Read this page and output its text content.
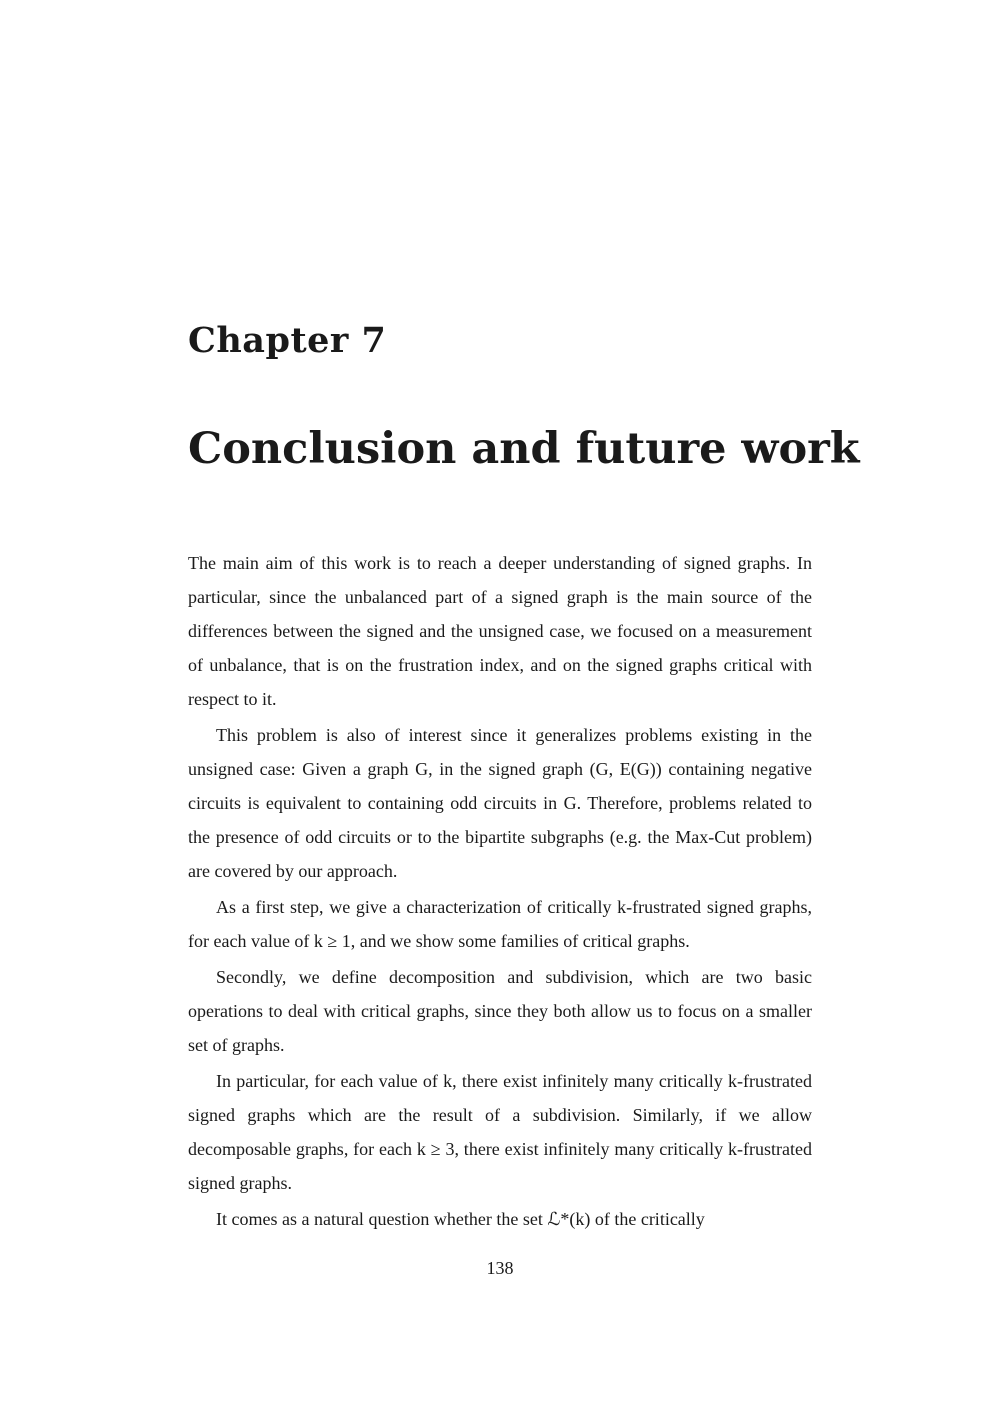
Chapter 7
Conclusion and future work

The main aim of this work is to reach a deeper understanding of signed graphs. In particular, since the unbalanced part of a signed graph is the main source of the differences between the signed and the unsigned case, we focused on a measurement of unbalance, that is on the frustration index, and on the signed graphs critical with respect to it.

This problem is also of interest since it generalizes problems existing in the unsigned case: Given a graph G, in the signed graph (G, E(G)) containing negative circuits is equivalent to containing odd circuits in G. Therefore, problems related to the presence of odd circuits or to the bipartite subgraphs (e.g. the Max-Cut problem) are covered by our approach.

As a first step, we give a characterization of critically k-frustrated signed graphs, for each value of k ≥ 1, and we show some families of critical graphs.

Secondly, we define decomposition and subdivision, which are two basic operations to deal with critical graphs, since they both allow us to focus on a smaller set of graphs.

In particular, for each value of k, there exist infinitely many critically k-frustrated signed graphs which are the result of a subdivision. Similarly, if we allow decomposable graphs, for each k ≥ 3, there exist infinitely many critically k-frustrated signed graphs.

It comes as a natural question whether the set ℒ*(k) of the critically

138
